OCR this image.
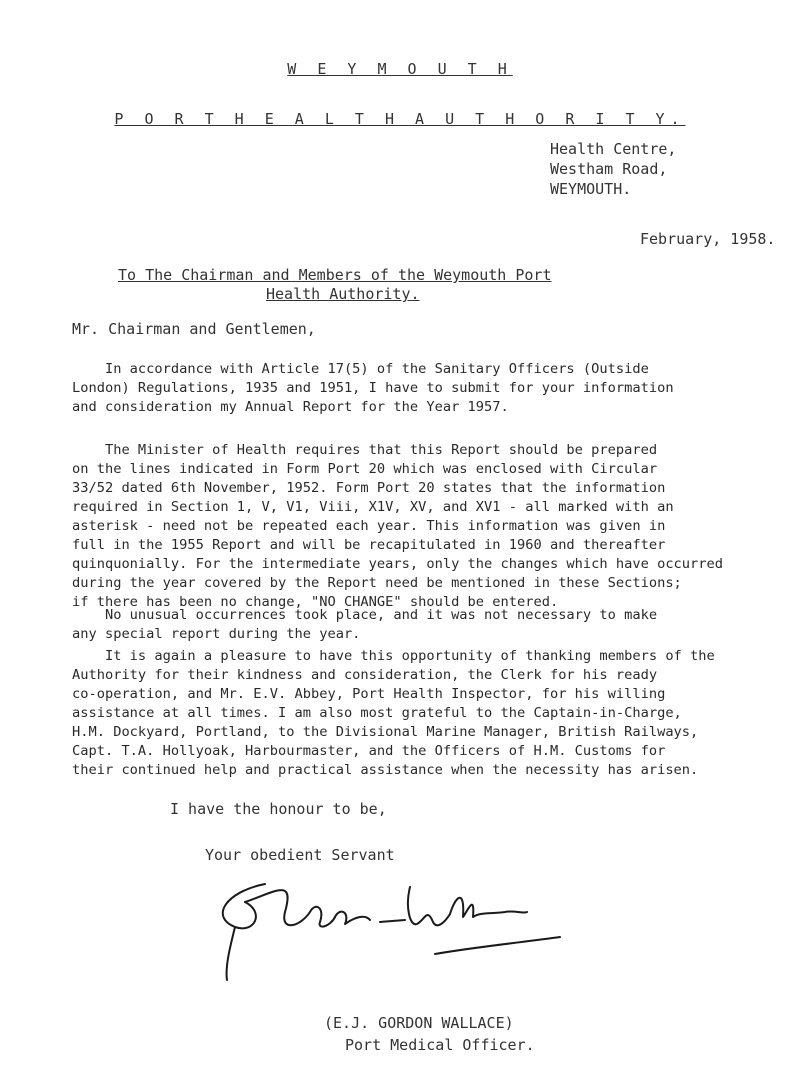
W E Y M O U T H
P O R T H E A L T H A U T H O R I T Y.
Health Centre,
Westham Road,
WEYMOUTH.
February, 1958.
To The Chairman and Members of the Weymouth Port
Health Authority.
Mr. Chairman and Gentlemen,

In accordance with Article 17(5) of the Sanitary Officers (Outside
London) Regulations, 1935 and 1951, I have to submit for your information
and consideration my Annual Report for the Year 1957.

The Minister of Health requires that this Report should be prepared
on the lines indicated in Form Port 20 which was enclosed with Circular
33/52 dated 6th November, 1952. Form Port 20 states that the information
required in Section 1, V, V1, Viii, X1V, XV, and XV1 - all marked with an
asterisk - need not be repeated each year. This information was given in
full in the 1955 Report and will be recapitulated in 1960 and thereafter
quinquonially. For the intermediate years, only the changes which have occurred
during the year covered by the Report need be mentioned in these Sections;
if there has been no change, "NO CHANGE" should be entered.

No unusual occurrences took place, and it was not necessary to make
any special report during the year.

It is again a pleasure to have this opportunity of thanking members of the
Authority for their kindness and consideration, the Clerk for his ready
co-operation, and Mr. E.V. Abbey, Port Health Inspector, for his willing
assistance at all times. I am also most grateful to the Captain-in-Charge,
H.M. Dockyard, Portland, to the Divisional Marine Manager, British Railways,
Capt. T.A. Hollyoak, Harbourmaster, and the Officers of H.M. Customs for
their continued help and practical assistance when the necessity has arisen.

I have the honour to be,
Your obedient Servant
(E.J. GORDON WALLACE)
Port Medical Officer.
